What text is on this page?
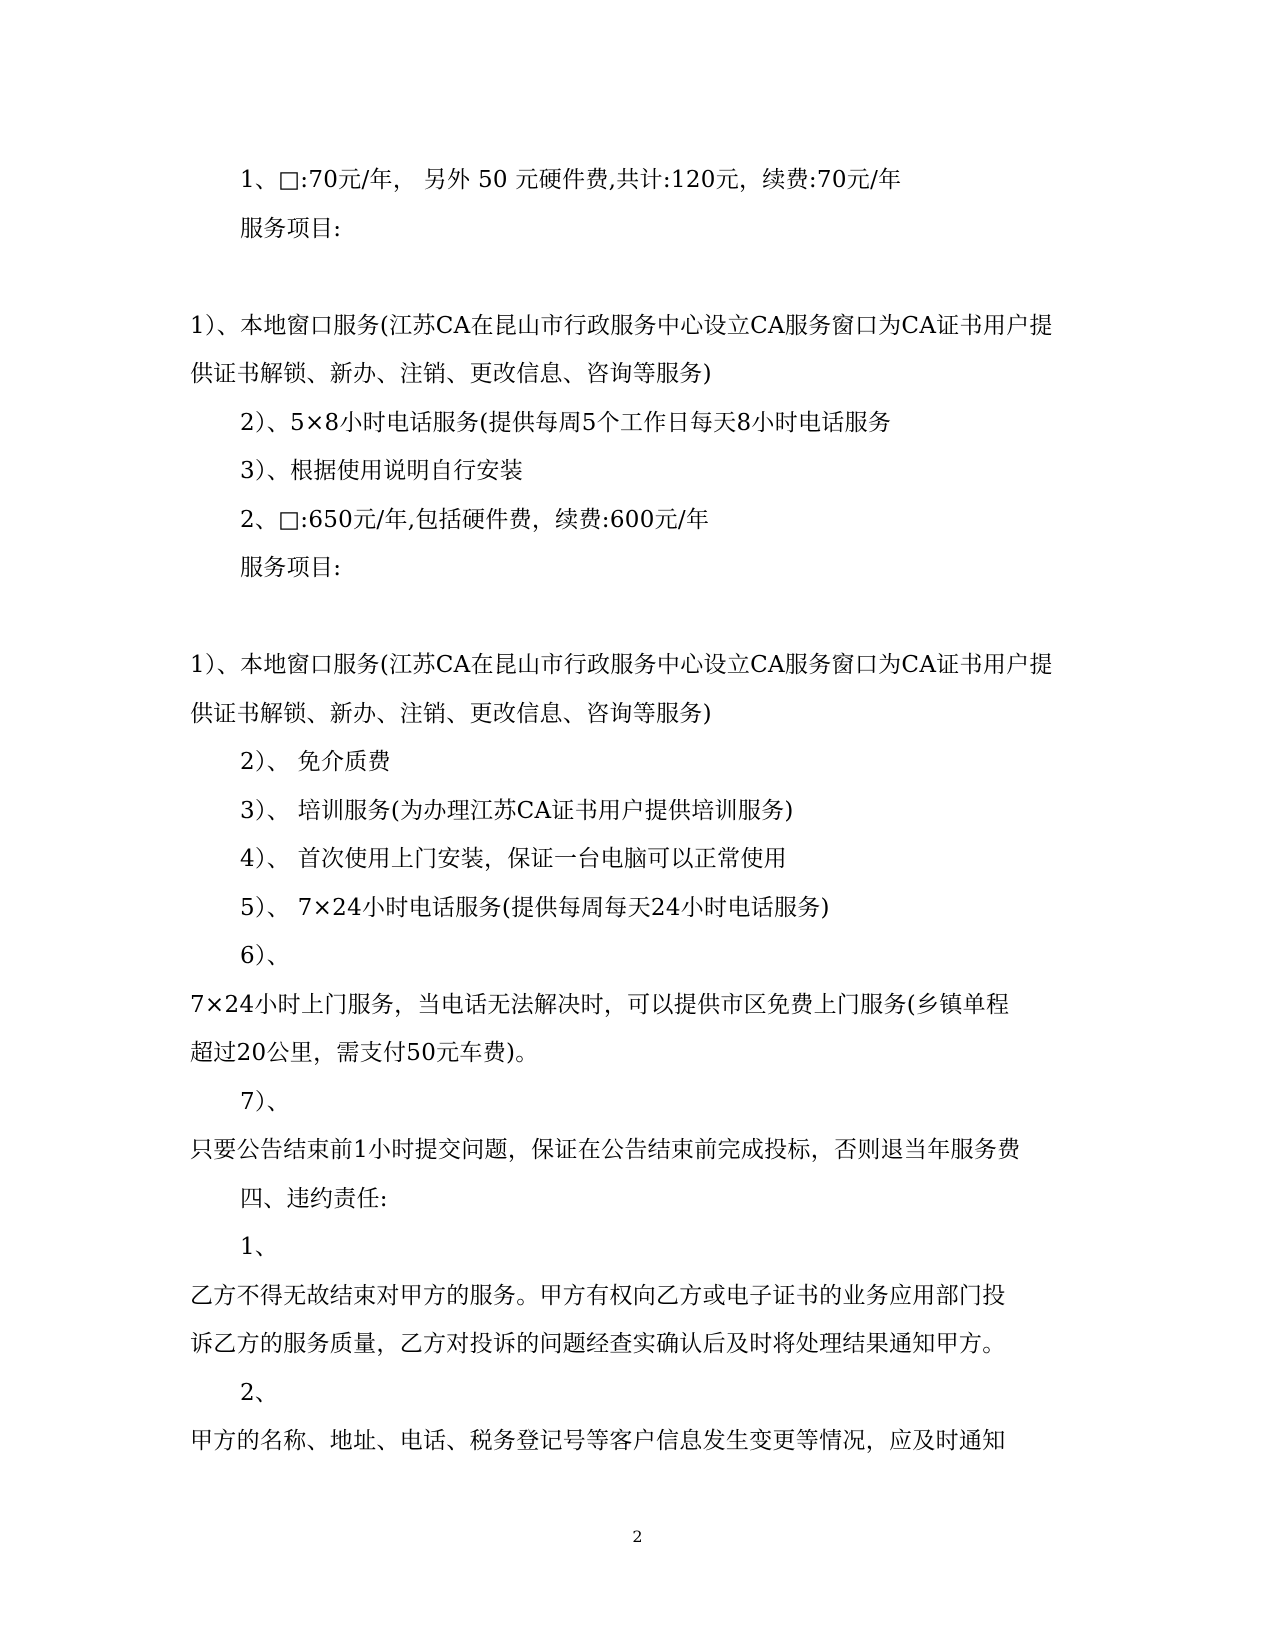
1、□:70元/年， 另外 50 元硬件费,共计:120元，续费:70元/年
服务项目:
1）、本地窗口服务(江苏CA在昆山市行政服务中心设立CA服务窗口为CA证书用户提
供证书解锁、新办、注销、更改信息、咨询等服务)
2）、5×8小时电话服务(提供每周5个工作日每天8小时电话服务
3）、根据使用说明自行安装
2、□:650元/年,包括硬件费，续费:600元/年
服务项目:
1）、本地窗口服务(江苏CA在昆山市行政服务中心设立CA服务窗口为CA证书用户提
供证书解锁、新办、注销、更改信息、咨询等服务)
2）、 免介质费
3）、 培训服务(为办理江苏CA证书用户提供培训服务)
4）、 首次使用上门安装，保证一台电脑可以正常使用
5）、 7×24小时电话服务(提供每周每天24小时电话服务)
6）、
7×24小时上门服务，当电话无法解决时，可以提供市区免费上门服务(乡镇单程
超过20公里，需支付50元车费)。
7）、
只要公告结束前1小时提交问题，保证在公告结束前完成投标，否则退当年服务费
四、违约责任:
1、
乙方不得无故结束对甲方的服务。甲方有权向乙方或电子证书的业务应用部门投
诉乙方的服务质量，乙方对投诉的问题经查实确认后及时将处理结果通知甲方。
2、
甲方的名称、地址、电话、税务登记号等客户信息发生变更等情况，应及时通知
2
